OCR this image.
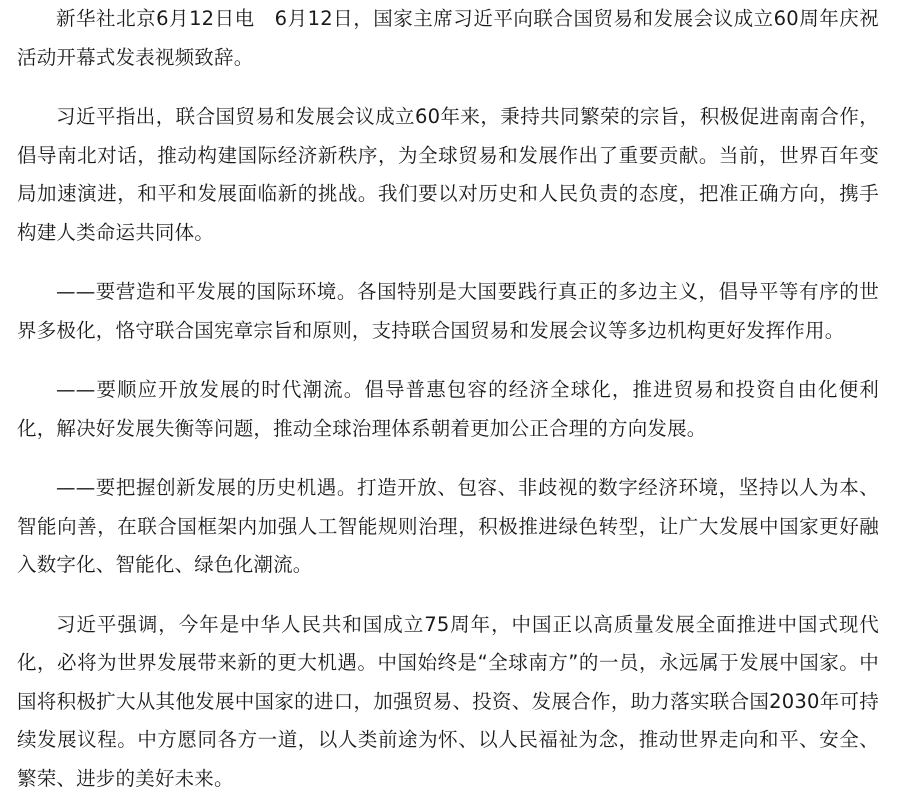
新华社北京6月12日电　6月12日，国家主席习近平向联合国贸易和发展会议成立60周年庆祝活动开幕式发表视频致辞。

习近平指出，联合国贸易和发展会议成立60年来，秉持共同繁荣的宗旨，积极促进南南合作，倡导南北对话，推动构建国际经济新秩序，为全球贸易和发展作出了重要贡献。当前，世界百年变局加速演进，和平和发展面临新的挑战。我们要以对历史和人民负责的态度，把准正确方向，携手构建人类命运共同体。

——要营造和平发展的国际环境。各国特别是大国要践行真正的多边主义，倡导平等有序的世界多极化，恪守联合国宪章宗旨和原则，支持联合国贸易和发展会议等多边机构更好发挥作用。

——要顺应开放发展的时代潮流。倡导普惠包容的经济全球化，推进贸易和投资自由化便利化，解决好发展失衡等问题，推动全球治理体系朝着更加公正合理的方向发展。

——要把握创新发展的历史机遇。打造开放、包容、非歧视的数字经济环境，坚持以人为本、智能向善，在联合国框架内加强人工智能规则治理，积极推进绿色转型，让广大发展中国家更好融入数字化、智能化、绿色化潮流。

习近平强调，今年是中华人民共和国成立75周年，中国正以高质量发展全面推进中国式现代化，必将为世界发展带来新的更大机遇。中国始终是“全球南方”的一员，永远属于发展中国家。中国将积极扩大从其他发展中国家的进口，加强贸易、投资、发展合作，助力落实联合国2030年可持续发展议程。中方愿同各方一道，以人类前途为怀、以人民福祉为念，推动世界走向和平、安全、繁荣、进步的美好未来。
